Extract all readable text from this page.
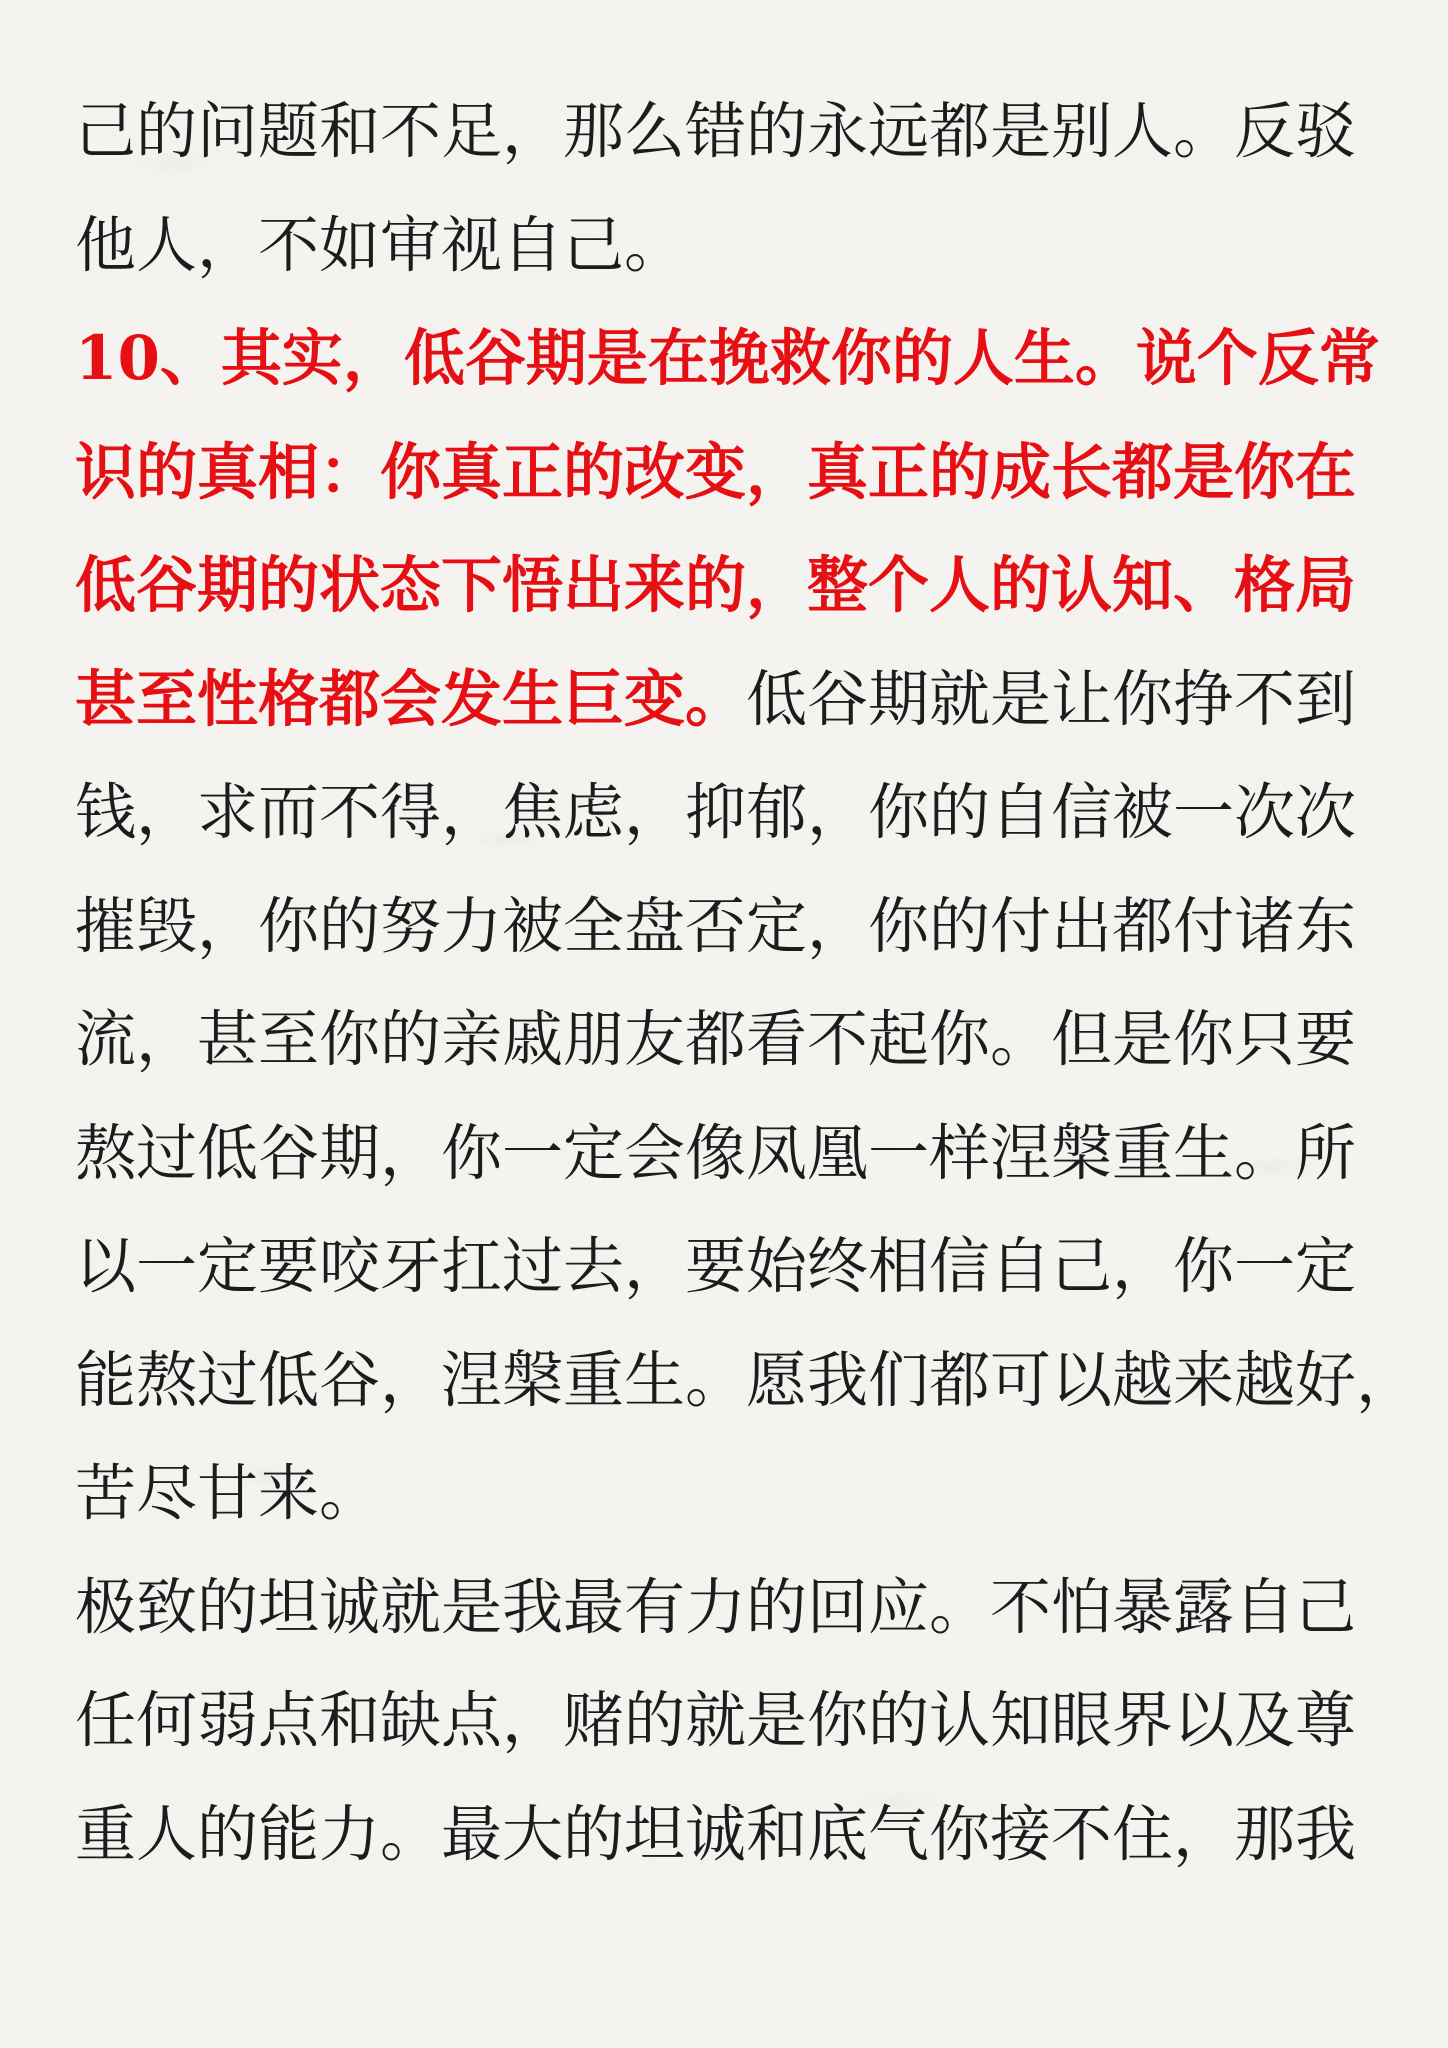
己的问题和不足，那么错的永远都是别人。反驳
他人，不如审视自己。
10、其实，低谷期是在挽救你的人生。说个反常
识的真相：你真正的改变，真正的成长都是你在
低谷期的状态下悟出来的，整个人的认知、格局
甚至性格都会发生巨变。低谷期就是让你挣不到
钱，求而不得，焦虑，抑郁，你的自信被一次次
摧毁，你的努力被全盘否定，你的付出都付诸东
流，甚至你的亲戚朋友都看不起你。但是你只要
熬过低谷期，你一定会像凤凰一样涅槃重生。所
以一定要咬牙扛过去，要始终相信自己，你一定
能熬过低谷，涅槃重生。愿我们都可以越来越好，
苦尽甘来。
极致的坦诚就是我最有力的回应。不怕暴露自己
任何弱点和缺点，赌的就是你的认知眼界以及尊
重人的能力。最大的坦诚和底气你接不住，那我
